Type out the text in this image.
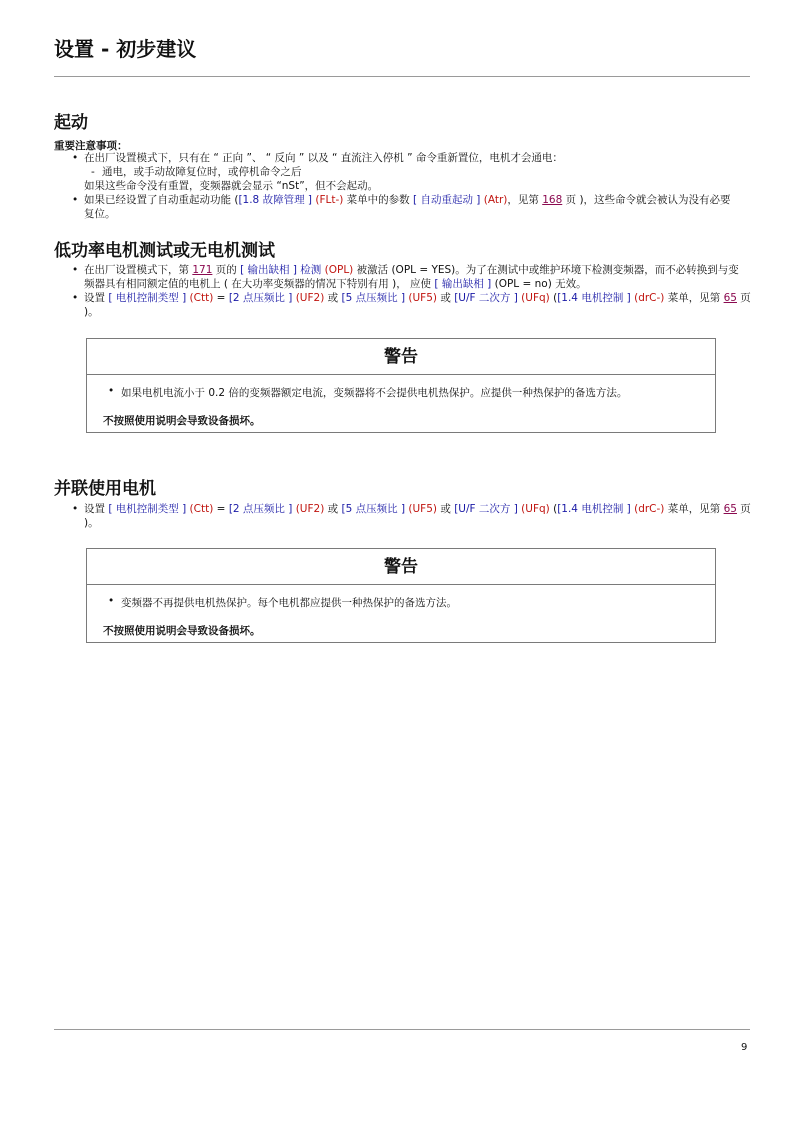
设置 - 初步建议
起动
重要注意事项：
• 在出厂设置模式下，只有在 “ 正向 ”、 “ 反向 ” 以及 “ 直流注入停机 ” 命令重新置位，电机才会通电：
- 通电，或手动故障复位时，或停机命令之后
如果这些命令没有重置，变频器就会显示 “nSt”，但不会起动。
• 如果已经设置了自动重起动功能 ([1.8 故障管理 ] (FLt-) 菜单中的参数 [ 自动重起动 ] (Atr)，见第 168 页 )，这些命令就会被认为没有必要
复位。
低功率电机测试或无电机测试
• 在出厂设置模式下，第 171 页的 [ 输出缺相 ] 检测 (OPL) 被激活 (OPL = YES)。为了在测试中或维护环境下检测变频器，而不必转换到与变
频器具有相同额定值的电机上 ( 在大功率变频器的情况下特别有用 )， 应使 [ 输出缺相 ] (OPL = no) 无效。
• 设置 [ 电机控制类型 ] (Ctt) = [2 点压频比 ] (UF2) 或 [5 点压频比 ] (UF5) 或 [U/F 二次方 ] (UFq) ([1.4 电机控制 ] (drC-) 菜单，见第 65 页 )。
警告
• 如果电机电流小于 0.2 倍的变频器额定电流，变频器将不会提供电机热保护。应提供一种热保护的备选方法。
不按照使用说明会导致设备损坏。
并联使用电机
• 设置 [ 电机控制类型 ] (Ctt) = [2 点压频比 ] (UF2) 或 [5 点压频比 ] (UF5) 或 [U/F 二次方 ] (UFq) ([1.4 电机控制 ] (drC-) 菜单，见第 65 页 )。
警告
• 变频器不再提供电机热保护。每个电机都应提供一种热保护的备选方法。
不按照使用说明会导致设备损坏。
9
